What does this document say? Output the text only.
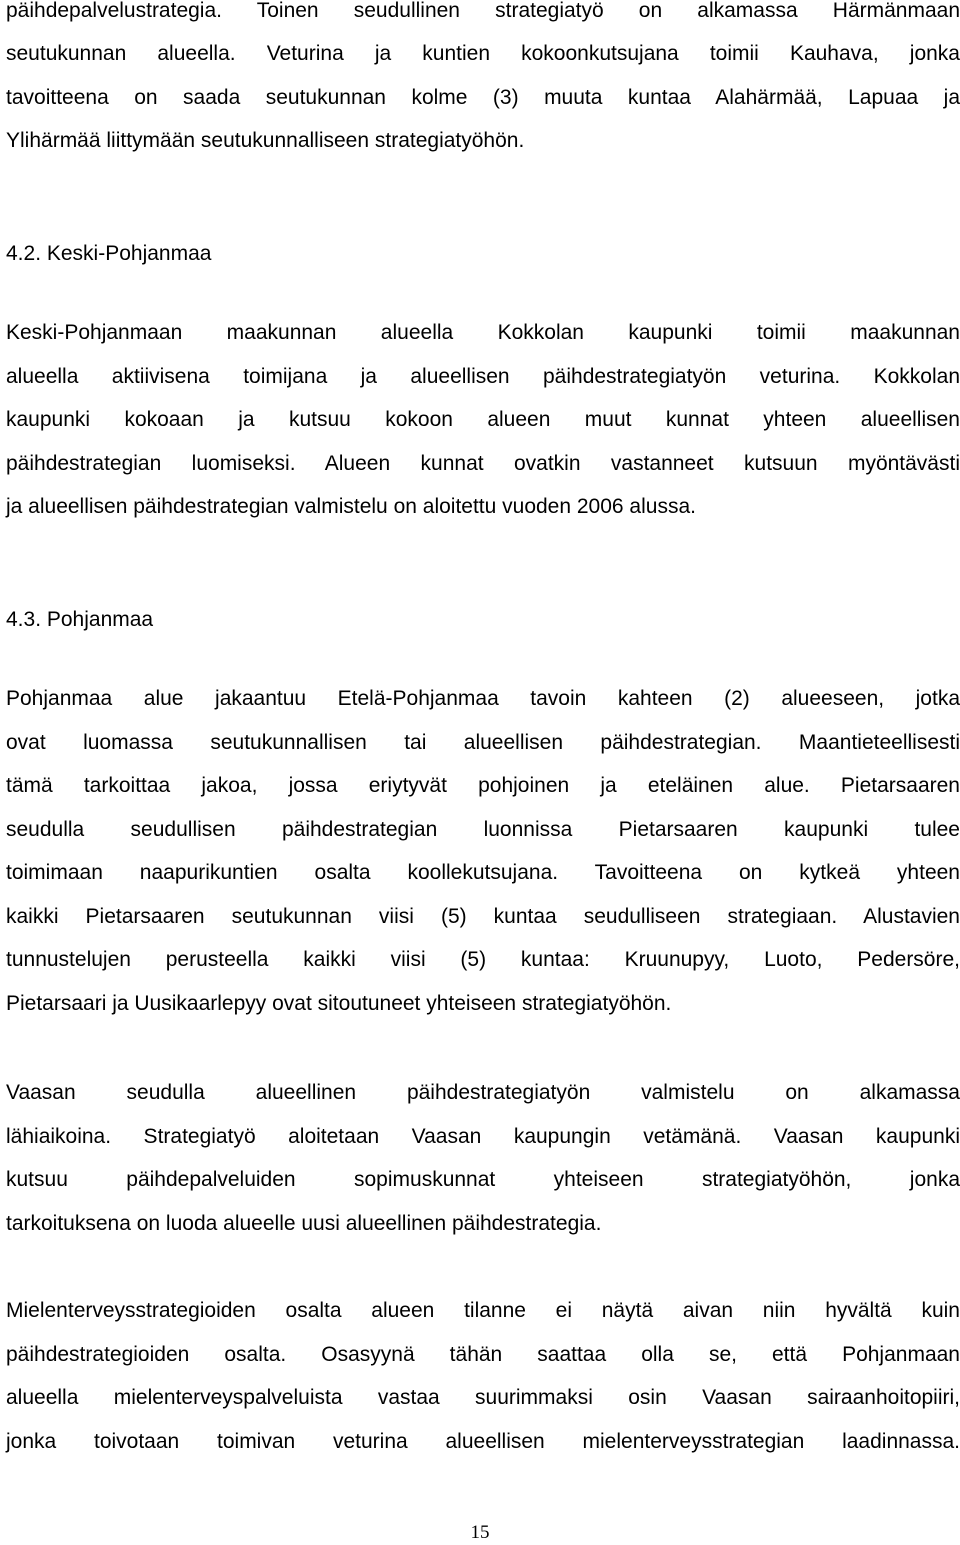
päihdepalvelustrategia. Toinen seudullinen strategiatyö on alkamassa Härmänmaan
seutukunnan alueella. Veturina ja kuntien kokoonkutsujana toimii Kauhava, jonka
tavoitteena on saada seutukunnan kolme (3) muuta kuntaa Alahärmää, Lapuaa ja
Ylihärmää liittymään seutukunnalliseen strategiatyöhön.
4.2. Keski-Pohjanmaa
Keski-Pohjanmaan maakunnan alueella Kokkolan kaupunki toimii maakunnan
alueella aktiivisena toimijana ja alueellisen päihdestrategiatyön veturina. Kokkolan
kaupunki kokoaan ja kutsuu kokoon alueen muut kunnat yhteen alueellisen
päihdestrategian luomiseksi. Alueen kunnat ovatkin vastanneet kutsuun myöntävästi
ja alueellisen päihdestrategian valmistelu on aloitettu vuoden 2006 alussa.
4.3. Pohjanmaa
Pohjanmaa alue jakaantuu Etelä-Pohjanmaa tavoin kahteen (2) alueeseen, jotka
ovat luomassa seutukunnallisen tai alueellisen päihdestrategian. Maantieteellisesti
tämä tarkoittaa jakoa, jossa eriytyvät pohjoinen ja eteläinen alue. Pietarsaaren
seudulla seudullisen päihdestrategian luonnissa Pietarsaaren kaupunki tulee
toimimaan naapurikuntien osalta koollekutsujana. Tavoitteena on kytkeä yhteen
kaikki Pietarsaaren seutukunnan viisi (5) kuntaa seudulliseen strategiaan. Alustavien
tunnustelujen perusteella kaikki viisi (5) kuntaa: Kruunupyy, Luoto, Pedersöre,
Pietarsaari ja Uusikaarlepyy ovat sitoutuneet yhteiseen strategiatyöhön.
Vaasan seudulla alueellinen päihdestrategiatyön valmistelu on alkamassa
lähiaikoina. Strategiatyö aloitetaan Vaasan kaupungin vetämänä. Vaasan kaupunki
kutsuu päihdepalveluiden sopimuskunnat yhteiseen strategiatyöhön, jonka
tarkoituksena on luoda alueelle uusi alueellinen päihdestrategia.
Mielenterveysstrategioiden osalta alueen tilanne ei näytä aivan niin hyvältä kuin
päihdestrategioiden osalta. Osasyynä tähän saattaa olla se, että Pohjanmaan
alueella mielenterveyspalveluista vastaa suurimmaksi osin Vaasan sairaanhoitopiiri,
jonka toivotaan toimivan veturina alueellisen mielenterveysstrategian laadinnassa.
15
